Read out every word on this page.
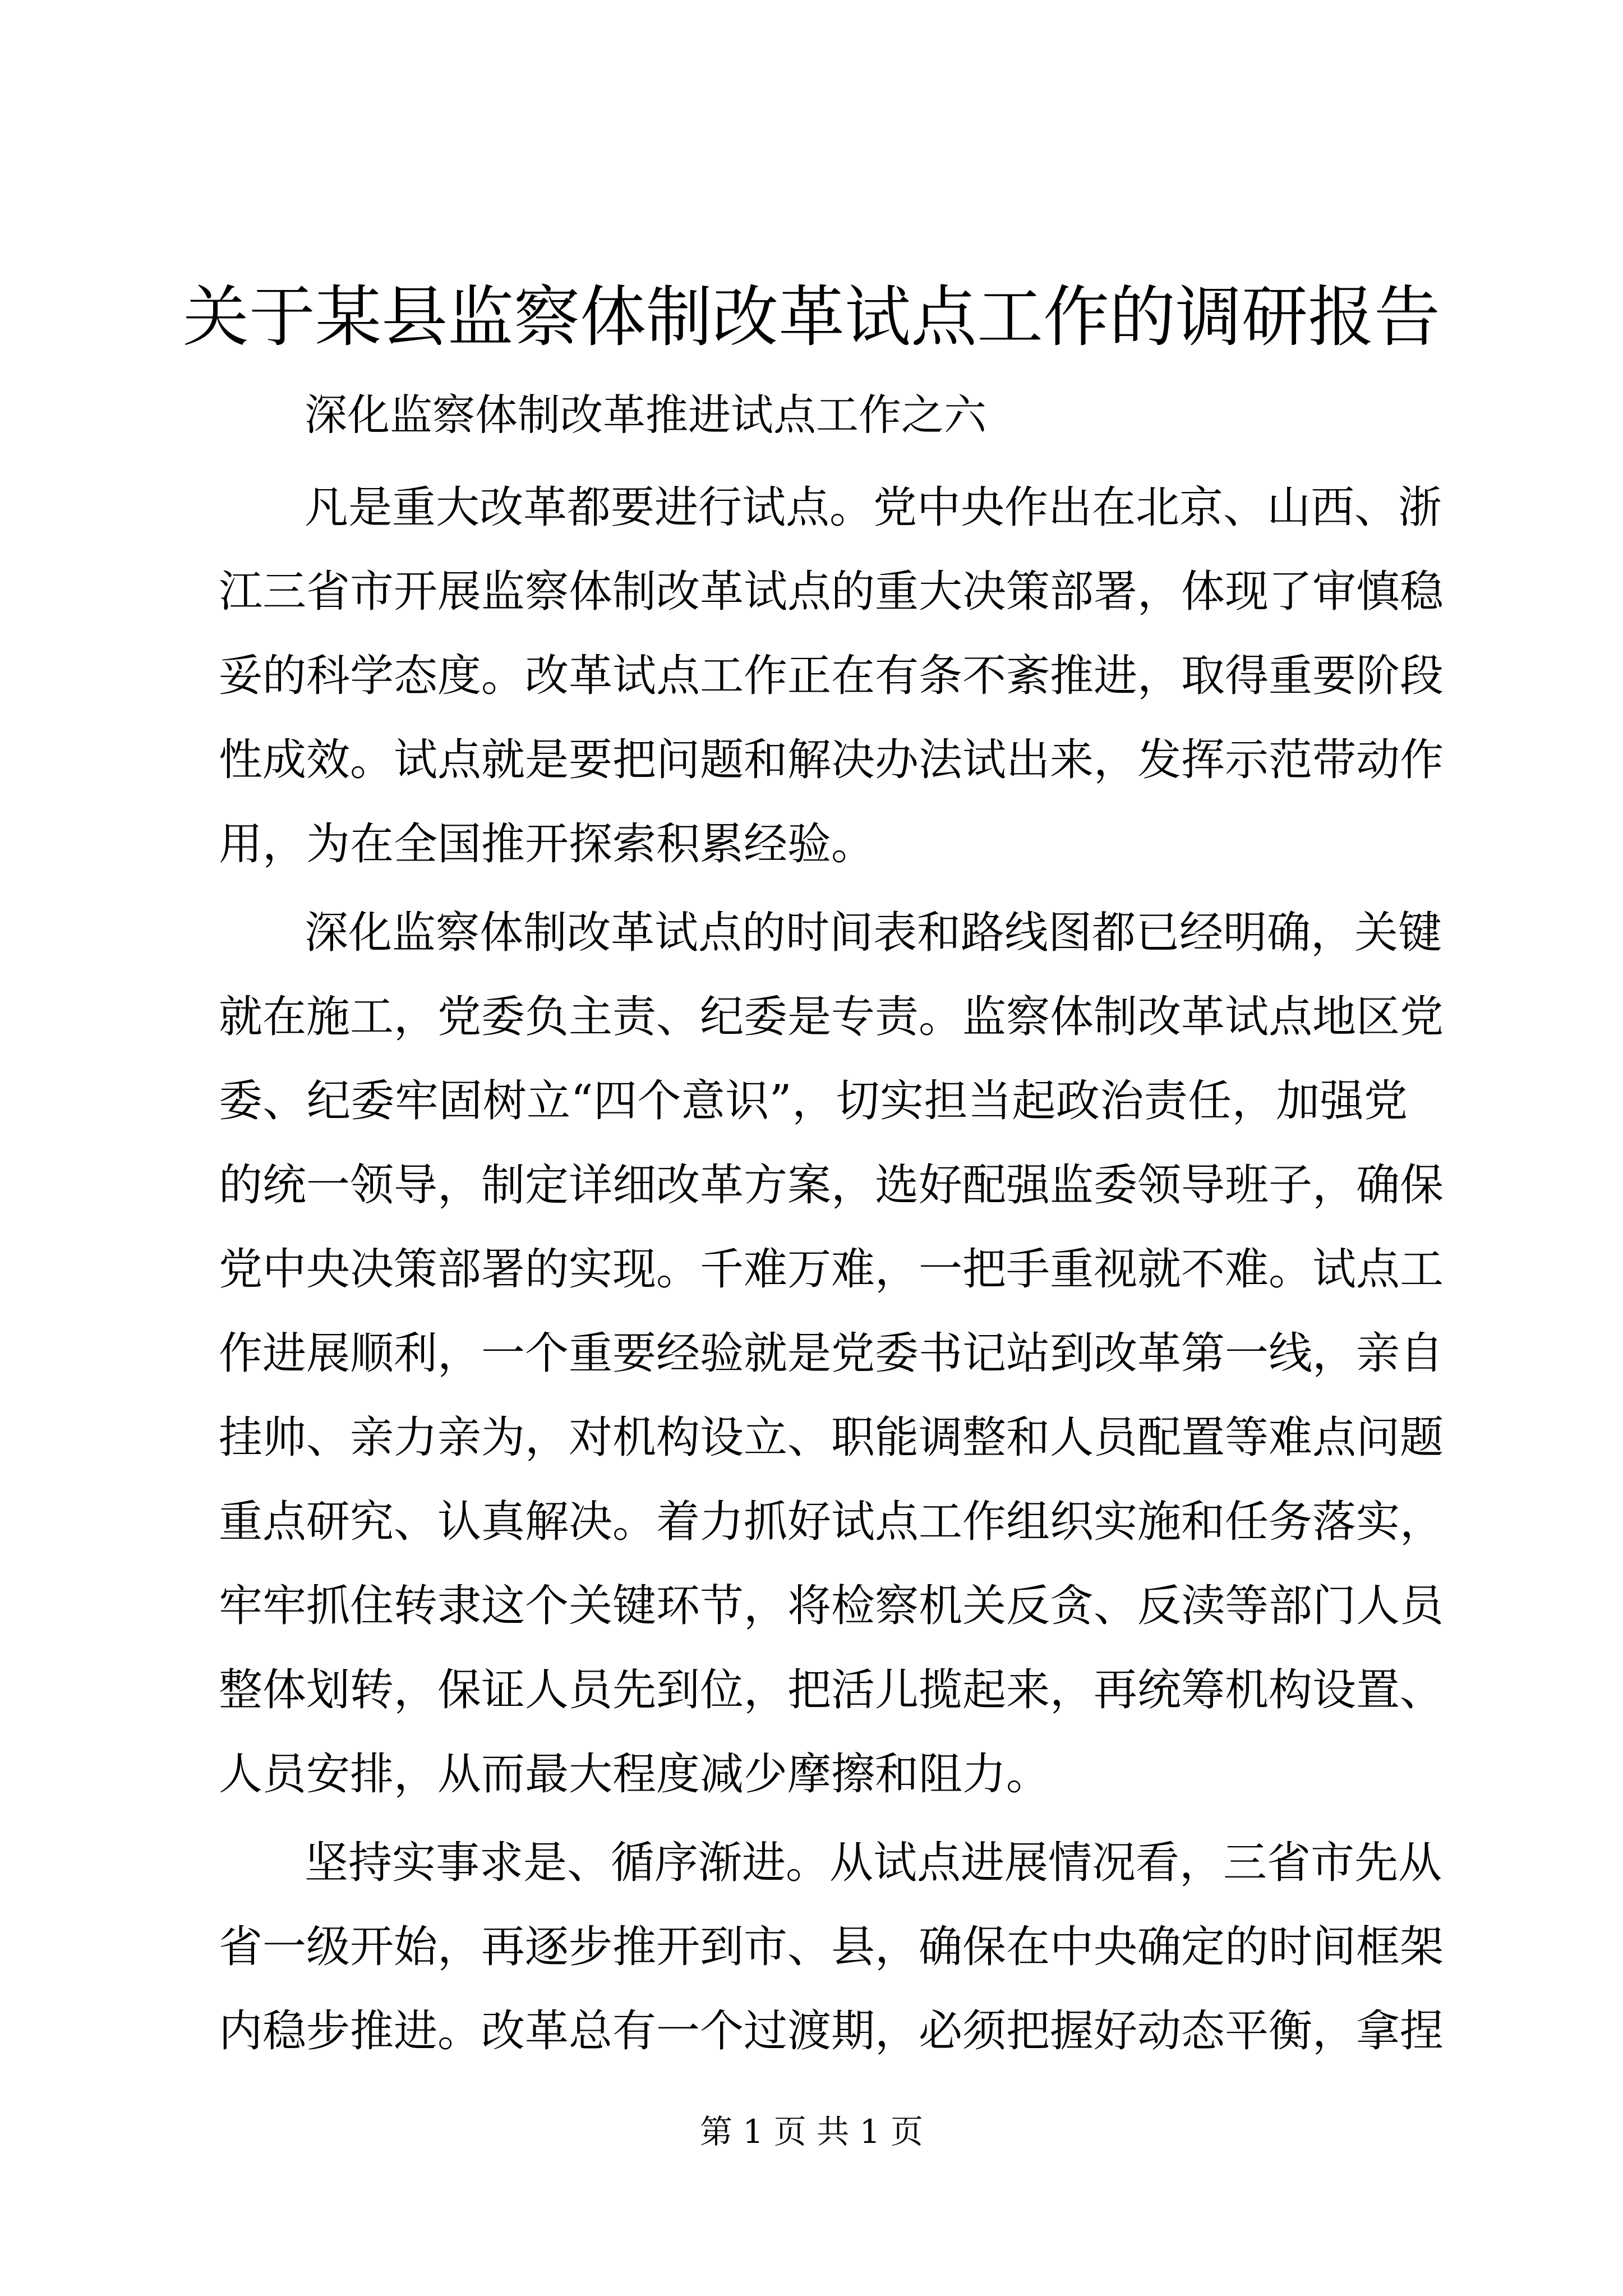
关于某县监察体制改革试点工作的调研报告

深化监察体制改革推进试点工作之六

凡是重大改革都要进行试点。党中央作出在北京、山西、浙

江三省市开展监察体制改革试点的重大决策部署，体现了审慎稳

妥的科学态度。改革试点工作正在有条不紊推进，取得重要阶段

性成效。试点就是要把问题和解决办法试出来，发挥示范带动作

用，为在全国推开探索积累经验。

深化监察体制改革试点的时间表和路线图都已经明确，关键

就在施工，党委负主责、纪委是专责。监察体制改革试点地区党

委、纪委牢固树立“四个意识”，切实担当起政治责任，加强党

的统一领导，制定详细改革方案，选好配强监委领导班子，确保

党中央决策部署的实现。千难万难，一把手重视就不难。试点工

作进展顺利，一个重要经验就是党委书记站到改革第一线，亲自

挂帅、亲力亲为，对机构设立、职能调整和人员配置等难点问题

重点研究、认真解决。着力抓好试点工作组织实施和任务落实，

牢牢抓住转隶这个关键环节，将检察机关反贪、反渎等部门人员

整体划转，保证人员先到位，把活儿揽起来，再统筹机构设置、

人员安排，从而最大程度减少摩擦和阻力。

坚持实事求是、循序渐进。从试点进展情况看，三省市先从

省一级开始，再逐步推开到市、县，确保在中央确定的时间框架

内稳步推进。改革总有一个过渡期，必须把握好动态平衡，拿捏

第 1 页 共 1 页
